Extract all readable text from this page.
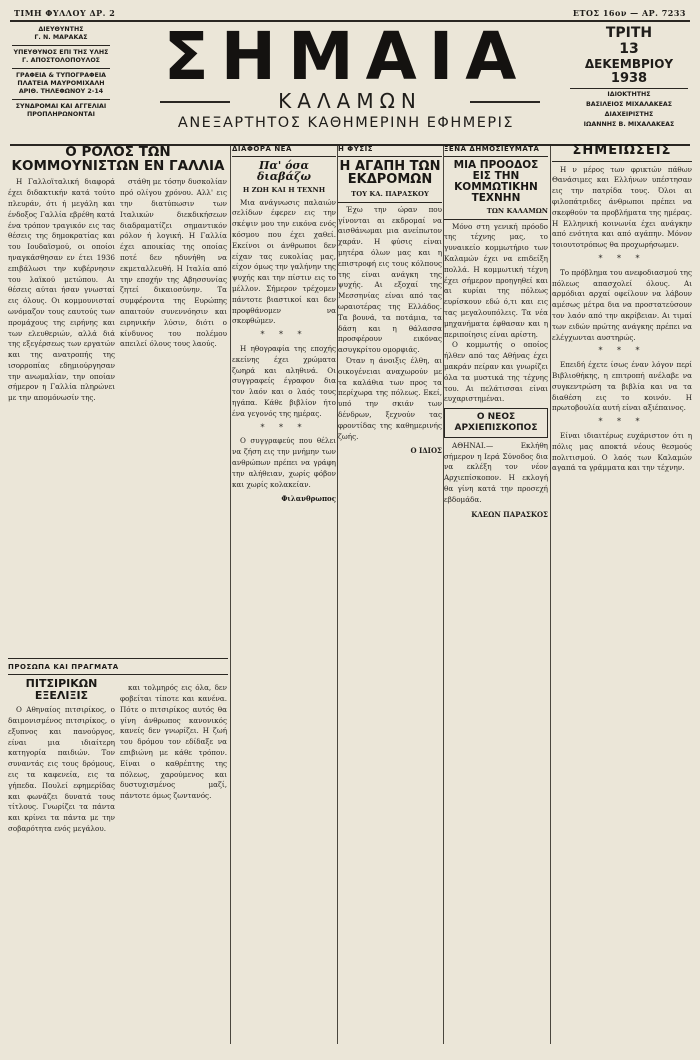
ΤΙΜΗ ΦΥΛΛΟΥ ΔΡ. 2	ΕΤΟΣ 16ον — ΑΡ. 7233
ΔΙΕΥΘΥΝΤΗΣ
Γ. Ν. ΜΑΡΑΚΑΣ
ΥΠΕΥΘΥΝΟΣ ΕΠΙ ΤΗΣ ΥΛΗΣ
Γ. ΑΠΟΣΤΟΛΟΠΟΥΛΟΣ
ΓΡΑΦΕΙΑ & ΤΥΠΟΓΡΑΦΕΙΑ
ΠΛΑΤΕΙΑ ΜΑΥΡΟΜΙΧΑΛΗ ΑΡΙΘ. ΤΗΛΕΦΩΝΟΥ 2-14
ΣΥΝΔΡΟΜΑΙ ΚΑΙ ΑΓΓΕΛΙΑΙ ΠΡΟΠΛΗΡΩΝΟΝΤΑΙ
ΣΗΜΑΙΑ
ΚΑΛΑΜΩΝ
ΑΝΕΞΑΡΤΗΤΟΣ ΚΑΘΗΜΕΡΙΝΗ ΕΦΗΜΕΡΙΣ
ΤΡΙΤΗ
13
ΔΕΚΕΜΒΡΙΟΥ
1938
ΙΔΙΟΚΤΗΤΗΣ
ΒΑΣΙΛΕΙΟΣ ΜΙΧΑΛΑΚΕΑΣ
ΔΙΑΧΕΙΡΙΣΤΗΣ
ΙΩΑΝΝΗΣ Β. ΜΙΧΑΛΑΚΕΑΣ
Ο ΡΟΛΟΣ ΤΩΝ ΚΟΜΜΟΥΝΙΣΤΩΝ ΕΝ ΓΑΛΛΙΑ

Η Γαλλοϊταλική διαφορά έχει διδακτικήν κατά τούτο πλευράν, ότι ή μεγάλη και ένδοξος Γαλλία εβρέθη κατά ένα τρόπον τραγικόν εις τας θέσεις της δημοκρατίας και του Ιουδαϊσμού, οι οποίοι ηναγκάσθησαν εν έτει 1936 επιβάλωσι την κυβέρνησιν του λαϊκού μετώπου. Αι θέσεις αύται ήσαν γνωσταί εις όλους. Οι κομμουνισταί ωνόμαζον τους εαυτούς των προμάχους της ειρήνης και των ελευθεριών, αλλά διά της εξεγέρσεως των εργατών και της ανατροπής της ισορροπίας εδημιούργησαν την ανωμαλίαν, την οποίαν σήμερον η Γαλλία πληρώνει με την απομόνωσίν της.

στάθη με τόσην δυσκολίαν πρό ολίγου χρόνου. Αλλ' εις την διατύπωσιν των Ιταλικών διεκδικήσεων διαδραματίζει σημαντικόν ρόλον ή λογική. Η Γαλλία έχει αποικίας της οποίας ποτέ δεν ηδυνήθη να εκμεταλλευθή. Η Ιταλία από την εποχήν της Αβησσυνίας ζητεί δικαιοσύνην. Τα συμφέροντα της Ευρώπης απαιτούν συνεννόησιν και ειρηνικήν λύσιν, διότι ο κίνδυνος του πολέμου απειλεί όλους τους λαούς.

ΠΡΟΣΩΠΑ ΚΑΙ ΠΡΑΓΜΑΤΑ
ΠΙΤΣΙΡΙΚΩΝ ΕΞΕΛΙΞΙΣ

Ο Αθηναίος πιτσιρίκος, ο δαιμονισμένος πιτσιρίκος, ο εξυπνος και πανούργος, είναι μια ιδιαίτερη κατηγορία παιδιών. Τον συναντάς εις τους δρόμους, εις τα καφενεία, εις τα γήπεδα. Πουλεί εφημερίδας και φωνάζει δυνατά τους τίτλους. Γνωρίζει τα πάντα και κρίνει τα πάντα με την σοβαρότητα ενός μεγάλου.

και τολμηρός εις όλα, δεν φοβείται τίποτε και κανένα. Πότε ο πιτσιρίκος αυτός θα γίνη άνθρωπος κανονικός κανείς δεν γνωρίζει. Η ζωή του δρόμου τον εδίδαξε να επιβιώνη με κάθε τρόπον. Είναι ο καθρέπτης της πόλεως, χαρούμενος και δυστυχισμένος μαζί, πάντοτε όμως ζωντανός.

ΔΙΑΦΟΡΑ ΝΕΑ
Πα' όσα διαβάζω
Η ΖΩΗ ΚΑΙ Η ΤΕΧΝΗ

Μια ανάγνωσις παλαιών σελίδων έφερεν εις την σκέψιν μου την εικόνα ενός κόσμου που έχει χαθεί. Εκείνοι οι άνθρωποι δεν είχαν τας ευκολίας μας, είχον όμως την γαλήνην της ψυχής και την πίστιν εις το μέλλον. Σήμερον τρέχομεν πάντοτε βιαστικοί και δεν προφθάνομεν να σκεφθώμεν.

* * *

Η ηθογραφία της εποχής εκείνης έχει χρώματα ζωηρά και αληθινά. Οι συγγραφείς έγραφον δια τον λαόν και ο λαός τους ηγάπα. Κάθε βιβλίον ήτο ένα γεγονός της ημέρας.

* * *

Ο συγγραφεύς που θέλει να ζήση εις την μνήμην των ανθρώπων πρέπει να γράφη την αλήθειαν, χωρίς φόβον και χωρίς κολακείαν.

Φιλανθρωπος
Η ΦΥΣΙΣ
Η ΑΓΑΠΗ ΤΩΝ ΕΚΔΡΟΜΩΝ
ΤΟΥ ΚΑ. ΠΑΡΑΣΚΟΥ

Έχω την ώραν που γίνονται αι εκδρομαί να αισθάνωμαι μια ανείπωτον χαράν. Η φύσις είναι μητέρα όλων μας και η επιστροφή εις τους κόλπους της είναι ανάγκη της ψυχής. Αι εξοχαί της Μεσσηνίας είναι από τας ωραιοτέρας της Ελλάδος. Τα βουνά, τα ποτάμια, τα δάση και η θάλασσα προσφέρουν εικόνας ασυγκρίτου ομορφιάς.

Όταν η άνοιξις έλθη, αι οικογένειαι αναχωρούν με τα καλάθια των προς τα περίχωρα της πόλεως. Εκεί, υπό την σκιάν των δένδρων, ξεχνούν τας φροντίδας της καθημερινής ζωής.

Ο ΙΔΙΟΣ
ΞΕΝΑ ΔΗΜΟΣΙΕΥΜΑΤΑ
ΜΙΑ ΠΡΟΟΔΟΣ ΕΙΣ ΤΗΝ ΚΟΜΜΩΤΙΚΗΝ ΤΕΧΝΗΝ
ΤΩΝ ΚΑΛΑΜΩΝ

Μόνο στη γενική πρόοδο της τέχνης μας, το γυναικείο κομμωτήριο των Καλαμών έχει να επιδείξη πολλά. Η κομμωτική τέχνη έχει σήμερον προηγηθεί και αι κυρίαι της πόλεως ευρίσκουν εδώ ό,τι και εις τας μεγαλουπόλεις. Τα νέα μηχανήματα έφθασαν και η περιποίησις είναι αρίστη.

Ο κομμωτής ο οποίος ήλθεν από τας Αθήνας έχει μακράν πείραν και γνωρίζει όλα τα μυστικά της τέχνης του. Αι πελάτισσαι είναι ευχαριστημέναι.

Ο ΝΕΟΣ ΑΡΧΙΕΠΙΣΚΟΠΟΣ

ΑΘΗΝΑΙ.— Εκλήθη σήμερον η Ιερά Σύνοδος δια να εκλέξη τον νέον Αρχιεπίσκοπον. Η εκλογή θα γίνη κατά την προσεχή εβδομάδα.

ΚΛΕΩΝ ΠΑΡΑΣΚΟΣ
ΣΗΜΕΙΩΣΕΙΣ

Η ν μέρος των φρικτών πάθων Θανάσιμες και Ελλήνων υπέστησαν εις την πατρίδα τους. Όλοι αι φιλοπάτριδες άνθρωποι πρέπει να σκεφθούν τα προβλήματα της ημέρας. Η Ελληνική κοινωνία έχει ανάγκην από ενότητα και από αγάπην. Μόνον τοιουτοτρόπως θα προχωρήσωμεν.

* * *

Το πρόβλημα του ανεφοδιασμού της πόλεως απασχολεί όλους. Αι αρμόδιαι αρχαί οφείλουν να λάβουν αμέσως μέτρα δια να προστατεύσουν τον λαόν από την ακρίβειαν. Αι τιμαί των ειδών πρώτης ανάγκης πρέπει να ελέγχωνται αυστηρώς.

* * *

Επειδή έχετε ίσως έναν λόγον περί Βιβλιοθήκης, η επιτροπή ανέλαβε να συγκεντρώση τα βιβλία και να τα διαθέση εις το κοινόν. Η πρωτοβουλία αυτή είναι αξιέπαινος.

* * *

Είναι ιδιαιτέρως ευχάριστον ότι η πόλις μας αποκτά νέους θεσμούς πολιτισμού. Ο λαός των Καλαμών αγαπά τα γράμματα και την τέχνην.
